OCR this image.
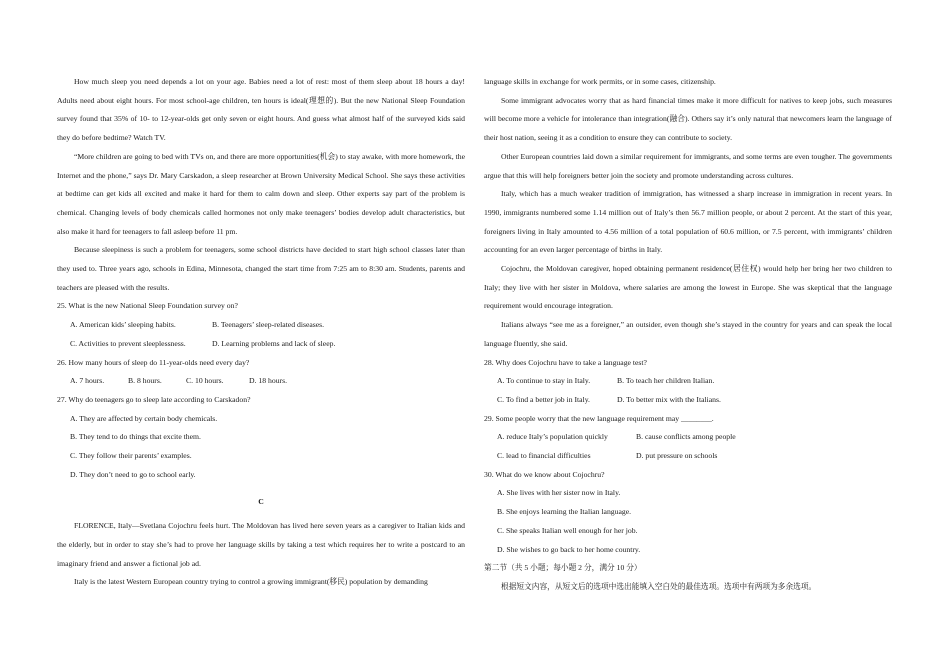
How much sleep you need depends a lot on your age. Babies need a lot of rest: most of them sleep about 18 hours a day! Adults need about eight hours. For most school-age children, ten hours is ideal(理想的). But the new National Sleep Foundation survey found that 35% of 10- to 12-year-olds get only seven or eight hours. And guess what almost half of the surveyed kids said they do before bedtime? Watch TV.

“More children are going to bed with TVs on, and there are more opportunities(机会) to stay awake, with more homework, the Internet and the phone,” says Dr. Mary Carskadon, a sleep researcher at Brown University Medical School. She says these activities at bedtime can get kids all excited and make it hard for them to calm down and sleep. Other experts say part of the problem is chemical. Changing levels of body chemicals called hormones not only make teenagers’ bodies develop adult characteristics, but also make it hard for teenagers to fall asleep before 11 pm.

Because sleepiness is such a problem for teenagers, some school districts have decided to start high school classes later than they used to. Three years ago, schools in Edina, Minnesota, changed the start time from 7:25 am to 8:30 am. Students, parents and teachers are pleased with the results.

25. What is the new National Sleep Foundation survey on?

A. American kids’ sleeping habits.	B. Teenagers’ sleep-related diseases.

C. Activities to prevent sleeplessness.	D. Learning problems and lack of sleep.

26. How many hours of sleep do 11-year-olds need every day?

A. 7 hours.	B. 8 hours.	C. 10 hours.	D. 18 hours.

27. Why do teenagers go to sleep late according to Carskadon?

A. They are affected by certain body chemicals.

B. They tend to do things that excite them.

C. They follow their parents’ examples.

D. They don’t need to go to school early.

C

FLORENCE, Italy—Svetlana Cojochru feels hurt. The Moldovan has lived here seven years as a caregiver to Italian kids and the elderly, but in order to stay she’s had to prove her language skills by taking a test which requires her to write a postcard to an imaginary friend and answer a fictional job ad.

Italy is the latest Western European country trying to control a growing immigrant(移民) population by demanding

language skills in exchange for work permits, or in some cases, citizenship.

Some immigrant advocates worry that as hard financial times make it more difficult for natives to keep jobs, such measures will become more a vehicle for intolerance than integration(融合). Others say it’s only natural that newcomers learn the language of their host nation, seeing it as a condition to ensure they can contribute to society.

Other European countries laid down a similar requirement for immigrants, and some terms are even tougher. The governments argue that this will help foreigners better join the society and promote understanding across cultures.

Italy, which has a much weaker tradition of immigration, has witnessed a sharp increase in immigration in recent years. In 1990, immigrants numbered some 1.14 million out of Italy’s then 56.7 million people, or about 2 percent. At the start of this year, foreigners living in Italy amounted to 4.56 million of a total population of 60.6 million, or 7.5 percent, with immigrants’ children accounting for an even larger percentage of births in Italy.

Cojochru, the Moldovan caregiver, hoped obtaining permanent residence(居住权) would help her bring her two children to Italy; they live with her sister in Moldova, where salaries are among the lowest in Europe. She was skeptical that the language requirement would encourage integration.

Italians always “see me as a foreigner,” an outsider, even though she’s stayed in the country for years and can speak the local language fluently, she said.

28. Why does Cojochru have to take a language test?

A. To continue to stay in Italy.	B. To teach her children Italian.

C. To find a better job in Italy.	D. To better mix with the Italians.

29. Some people worry that the new language requirement may ________.

A. reduce Italy’s population quickly	B. cause conflicts among people

C. lead to financial difficulties	D. put pressure on schools

30. What do we know about Cojochru?

A. She lives with her sister now in Italy.

B. She enjoys learning the Italian language.

C. She speaks Italian well enough for her job.

D. She wishes to go back to her home country.

第二节（共 5 小题；每小题 2 分，满分 10 分）

根据短文内容，从短文后的选项中选出能填入空白处的最佳选项。选项中有两项为多余选项。
